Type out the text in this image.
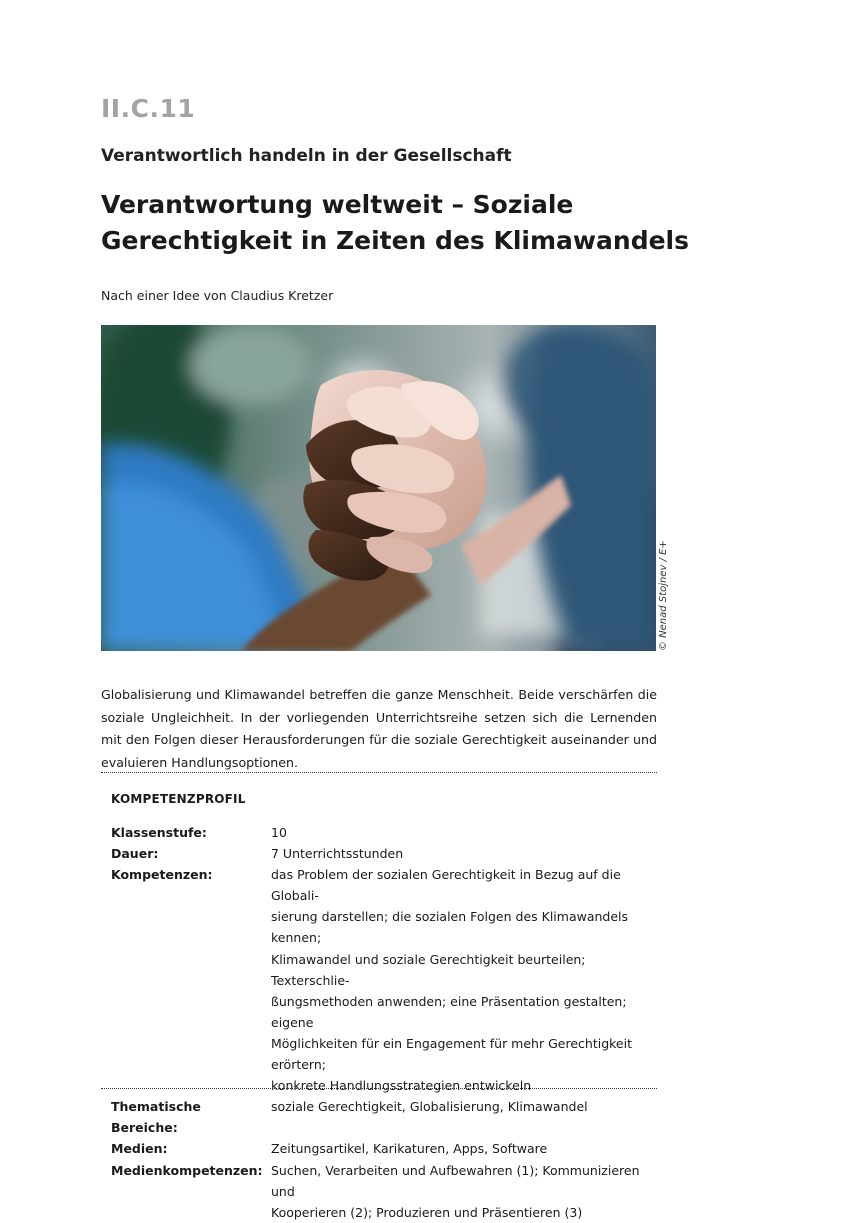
II.C.11
Verantwortlich handeln in der Gesellschaft
Verantwortung weltweit – Soziale
Gerechtigkeit in Zeiten des Klimawandels
Nach einer Idee von Claudius Kretzer
© Nenad Stojnev / E+
Globalisierung und Klimawandel betreffen die ganze Menschheit. Beide verschärfen die soziale Ungleichheit. In der vorliegenden Unterrichtsreihe setzen sich die Lernenden mit den Folgen dieser Herausforderungen für die soziale Gerechtigkeit auseinander und evaluieren Handlungsoptionen.
KOMPETENZPROFIL
Klassenstufe:	10
Dauer:	7 Unterrichtsstunden
Kompetenzen:	das Problem der sozialen Gerechtigkeit in Bezug auf die Globali-
sierung darstellen; die sozialen Folgen des Klimawandels kennen;
Klimawandel und soziale Gerechtigkeit beurteilen; Texterschlie-
ßungsmethoden anwenden; eine Präsentation gestalten; eigene
Möglichkeiten für ein Engagement für mehr Gerechtigkeit erörtern;
konkrete Handlungsstrategien entwickeln
Thematische Bereiche:
soziale Gerechtigkeit, Globalisierung, Klimawandel
Medien:	Zeitungsartikel, Karikaturen, Apps, Software
Medienkompetenzen: Suchen, Verarbeiten und Aufbewahren (1); Kommunizieren und
Kooperieren (2); Produzieren und Präsentieren (3)
